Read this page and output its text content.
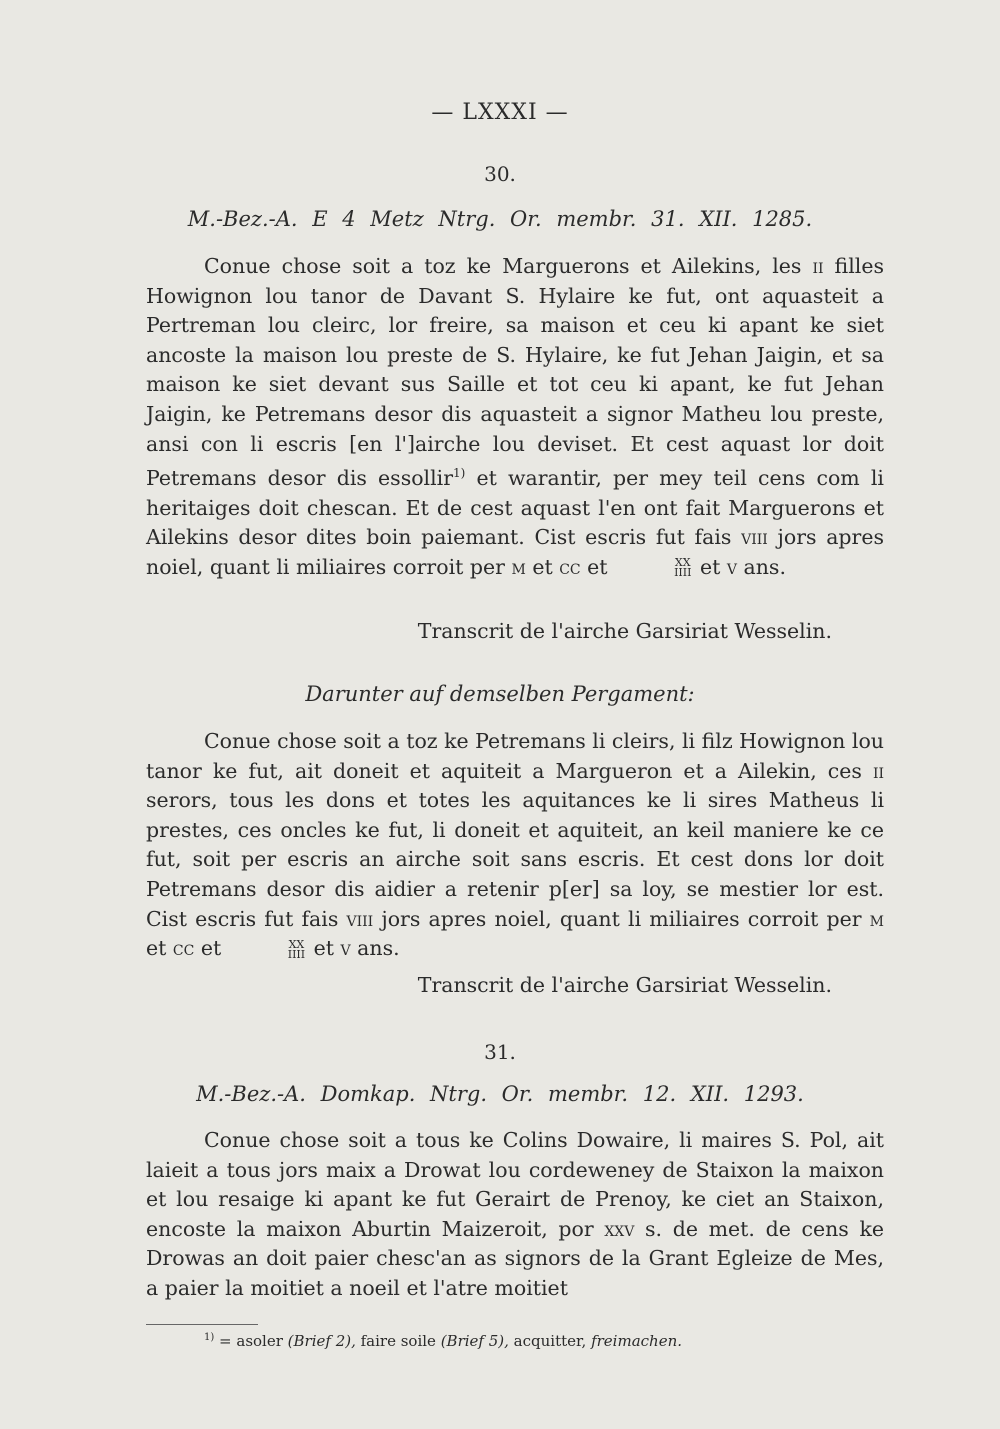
— LXXXI —
30.
M.-Bez.-A. E 4 Metz Ntrg. Or. membr. 31. XII. 1285.

Conue chose soit a toz ke Marguerons et Ailekins, les ii filles Howignon lou tanor de Davant S. Hylaire ke fut, ont aquasteit a Pertreman lou cleirc, lor freire, sa maison et ceu ki apant ke siet ancoste la maison lou preste de S. Hylaire, ke fut Jehan Jaigin, et sa maison ke siet devant sus Saille et tot ceu ki apant, ke fut Jehan Jaigin, ke Petremans desor dis aquasteit a signor Matheu lou preste, ansi con li escris [en l']airche lou deviset. Et cest aquast lor doit Petremans desor dis essollir$^{1)}$ et warantir, per mey teil cens com li heritaiges doit chescan. Et de cest aquast l'en ont fait Marguerons et Ailekins desor dites boin paiemant. Cist escris fut fais viii jors apres noiel, quant li miliaires corroit per m et cc et	XX
IIII et v ans.

Transcrit de l'airche Garsiriat Wesselin.
Darunter auf demselben Pergament:

Conue chose soit a toz ke Petremans li cleirs, li filz Howignon lou tanor ke fut, ait doneit et aquiteit a Margueron et a Ailekin, ces ii serors, tous les dons et totes les aquitances ke li sires Matheus li prestes, ces oncles ke fut, li doneit et aquiteit, an keil maniere ke ce fut, soit per escris an airche soit sans escris. Et cest dons lor doit Petremans desor dis aidier a retenir p[er] sa loy, se mestier lor est. Cist escris fut fais viii jors apres noiel, quant li miliaires corroit per m et cc et	XX
IIII et v ans.

Transcrit de l'airche Garsiriat Wesselin.
31.
M.-Bez.-A. Domkap. Ntrg. Or. membr. 12. XII. 1293.

Conue chose soit a tous ke Colins Dowaire, li maires S. Pol, ait laieit a tous jors maix a Drowat lou cordeweney de Staixon la maixon et lou resaige ki apant ke fut Gerairt de Prenoy, ke ciet an Staixon, encoste la maixon Aburtin Maizeroit, por xxv s. de met. de cens ke Drowas an doit paier chesc'an as signors de la Grant Egleize de Mes, a paier la moitiet a noeil et l'atre moitiet

$^{1)}$ = asoler (Brief 2), faire soile (Brief 5), acquitter, freimachen.
